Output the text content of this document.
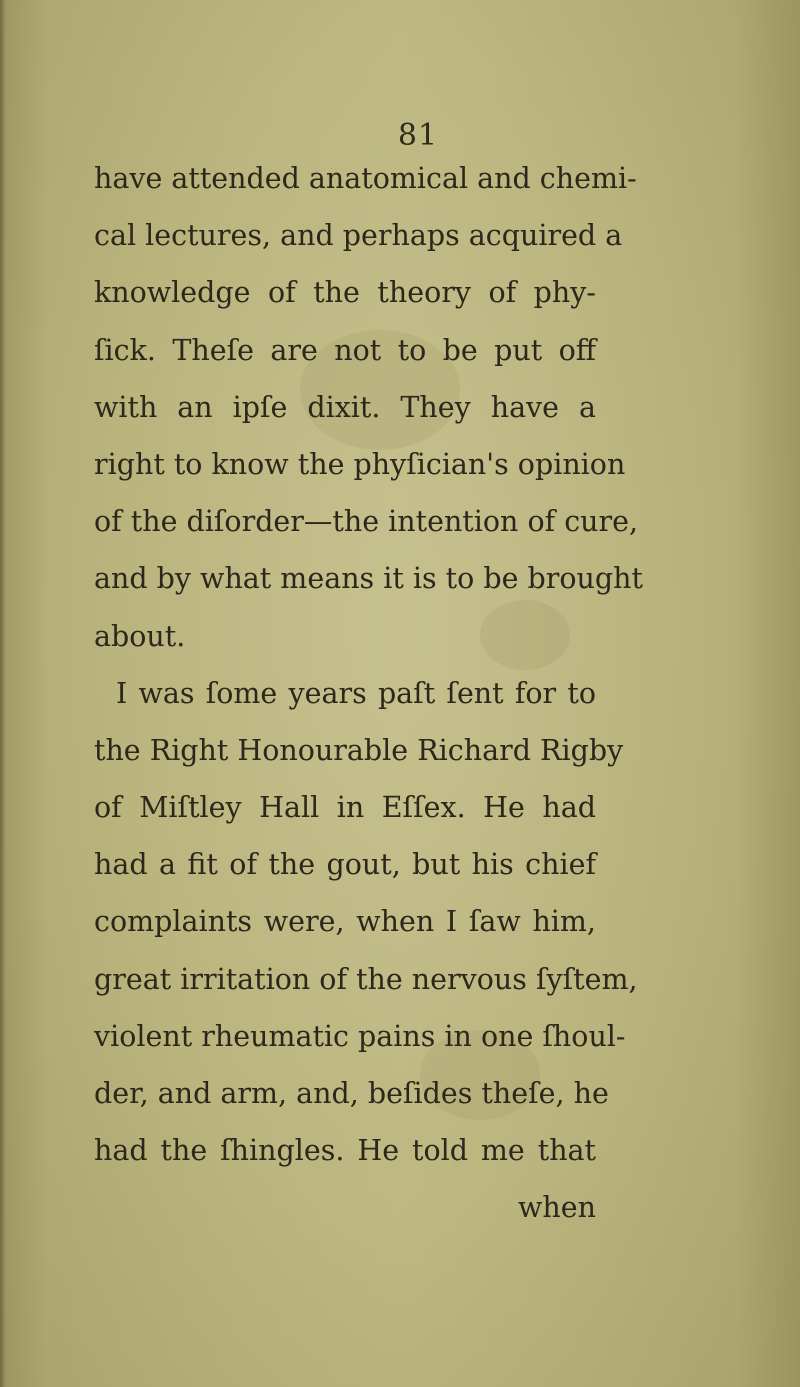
81
have attended anatomical and chemi-
cal lectures, and perhaps acquired a
knowledge of the theory of phy-
ſick. Theſe are not to be put off
with an ipſe dixit. They have a
right to know the phyſician's opinion
of the diſorder—the intention of cure,
and by what means it is to be brought
about.
I was ſome years paſt ſent for to
the Right Honourable Richard Rigby
of Miſtley Hall in Eſſex. He had
had a fit of the gout, but his chief
complaints were, when I ſaw him,
great irritation of the nervous ſyſtem,
violent rheumatic pains in one ſhoul-
der, and arm, and, beſides theſe, he
had the ſhingles. He told me that
when
